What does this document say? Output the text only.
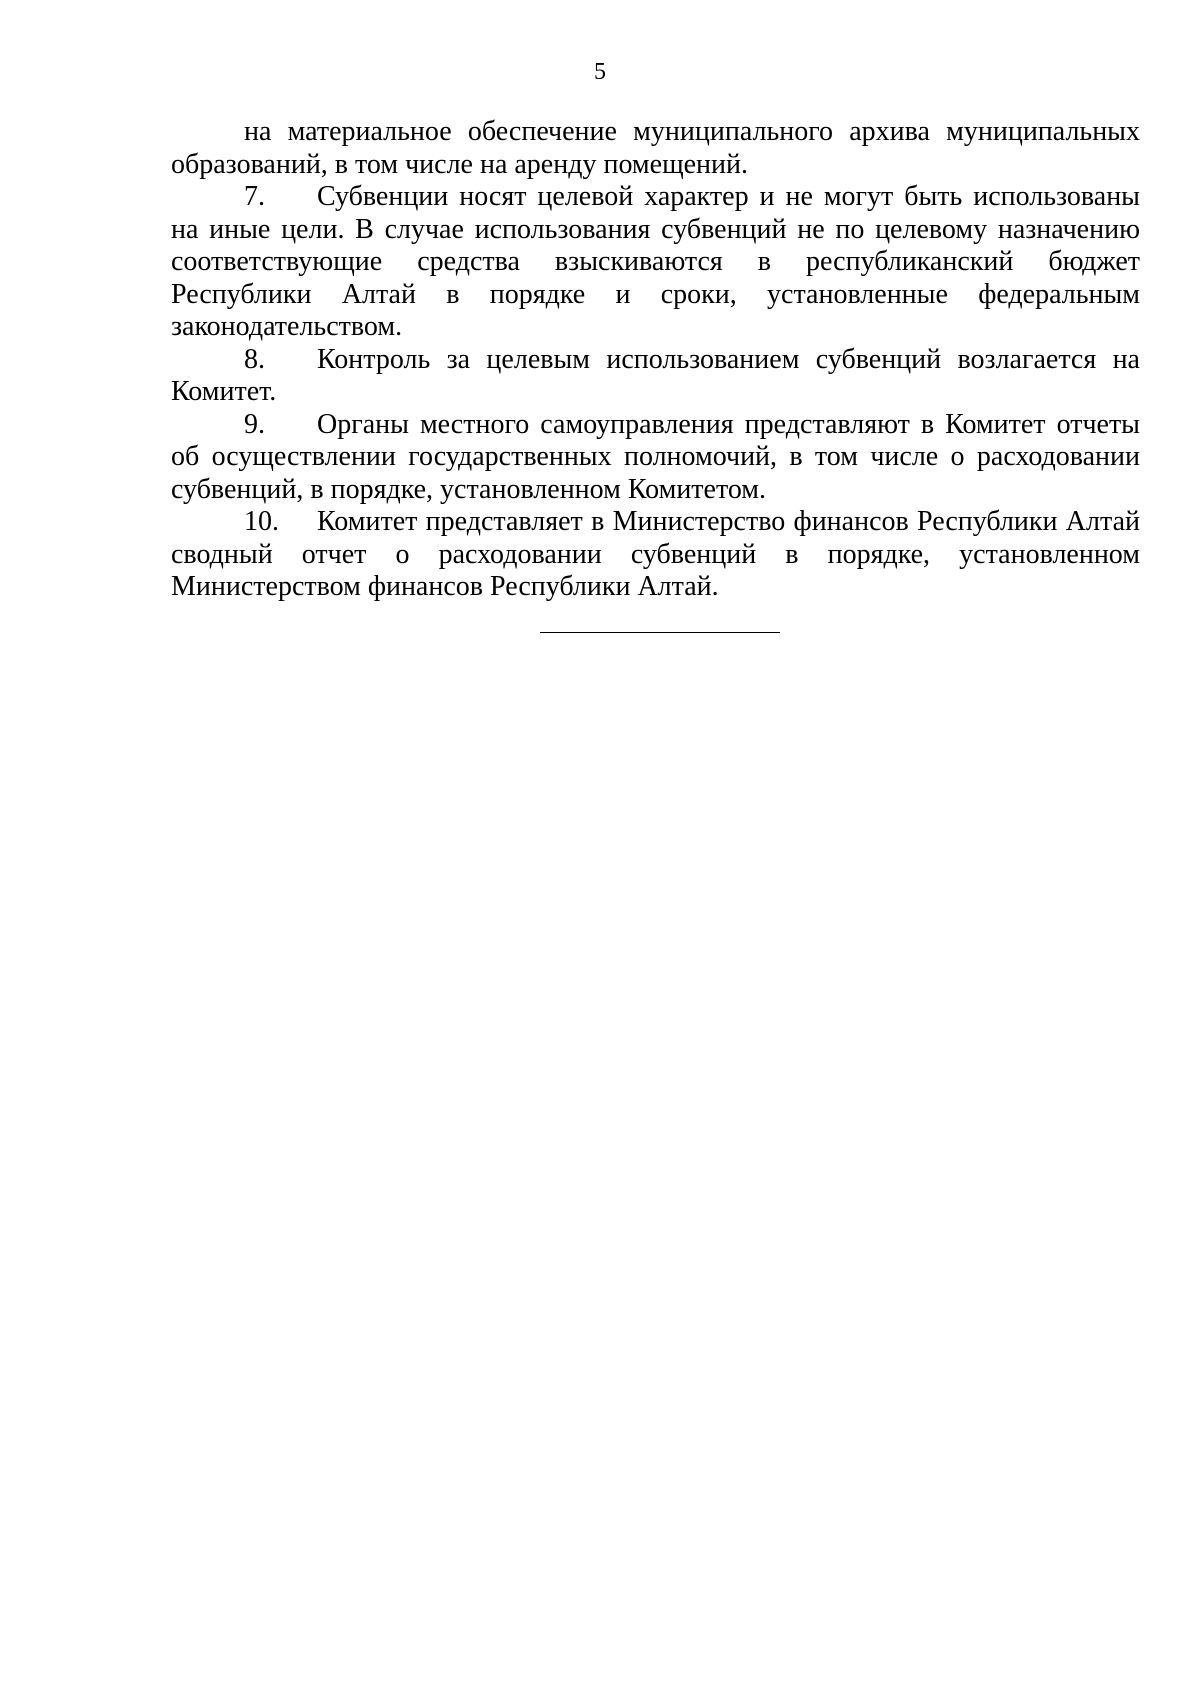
5

на материальное обеспечение муниципального архива муниципальных образований, в том числе на аренду помещений.

7. Субвенции носят целевой характер и не могут быть использованы на иные цели. В случае использования субвенций не по целевому назначению соответствующие средства взыскиваются в республиканский бюджет Республики Алтай в порядке и сроки, установленные федеральным законодательством.

8. Контроль за целевым использованием субвенций возлагается на Комитет.

9. Органы местного самоуправления представляют в Комитет отчеты об осуществлении государственных полномочий, в том числе о расходовании субвенций, в порядке, установленном Комитетом.

10. Комитет представляет в Министерство финансов Республики Алтай сводный отчет о расходовании субвенций в порядке, установленном Министерством финансов Республики Алтай.
